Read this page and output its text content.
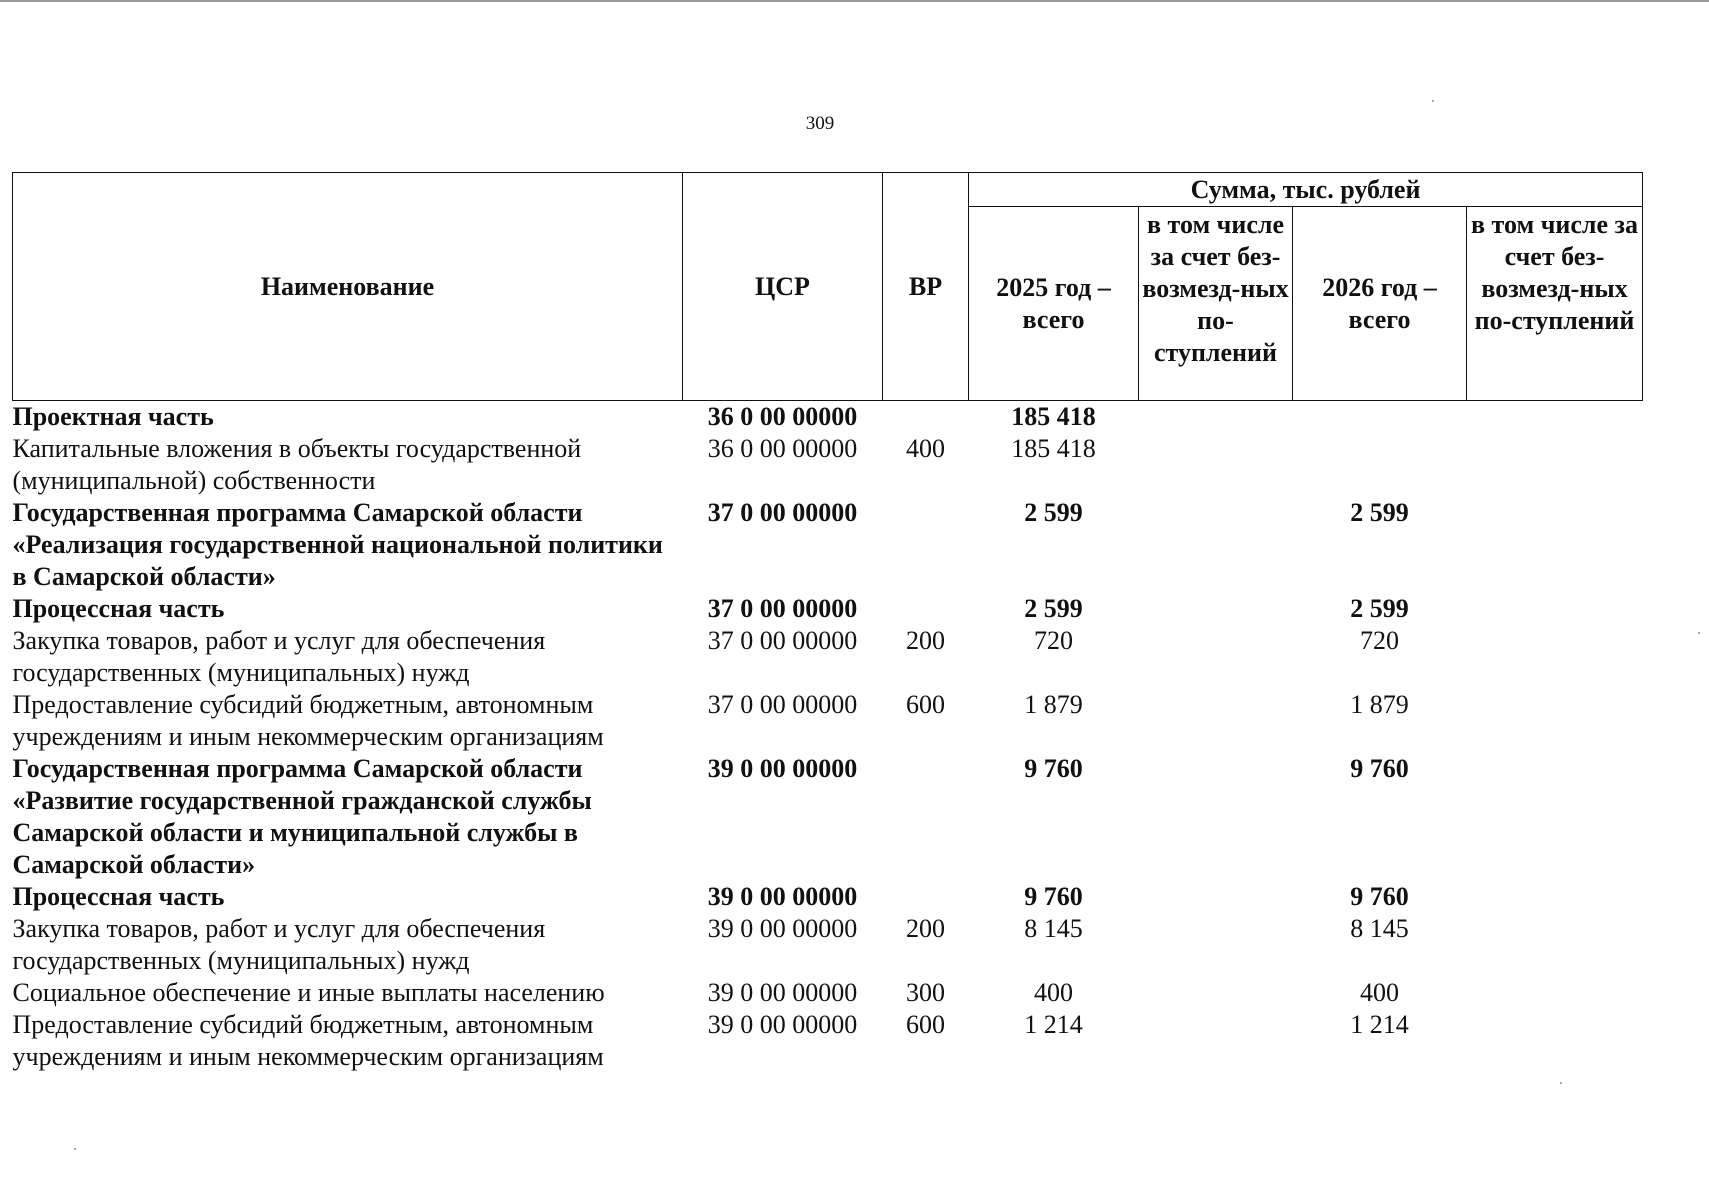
309
Наименование	ЦСР	ВР	Сумма, тыс. рублей			
			2025 год – всего	в том числе за счет без-возмезд-ных по-ступлений	2026 год – всего	в том числе за счет без-возмезд-ных по-ступлений
Проектная часть	36 0 00 00000		185 418			
Капитальные вложения в объекты государственной (муниципальной) собственности	36 0 00 00000	400	185 418			
Государственная программа Самарской области «Реализация государственной национальной политики в Самарской области»	37 0 00 00000		2 599		2 599	
Процессная часть	37 0 00 00000		2 599		2 599	
Закупка товаров, работ и услуг для обеспечения государственных (муниципальных) нужд	37 0 00 00000	200	720		720	
Предоставление субсидий бюджетным, автономным учреждениям и иным некоммерческим организациям	37 0 00 00000	600	1 879		1 879	
Государственная программа Самарской области «Развитие государственной гражданской службы Самарской области и муниципальной службы в Самарской области»	39 0 00 00000		9 760		9 760	
Процессная часть	39 0 00 00000		9 760		9 760	
Закупка товаров, работ и услуг для обеспечения государственных (муниципальных) нужд	39 0 00 00000	200	8 145		8 145	
Социальное обеспечение и иные выплаты населению	39 0 00 00000	300	400		400	
Предоставление субсидий бюджетным, автономным учреждениям и иным некоммерческим организациям	39 0 00 00000	600	1 214		1 214	
